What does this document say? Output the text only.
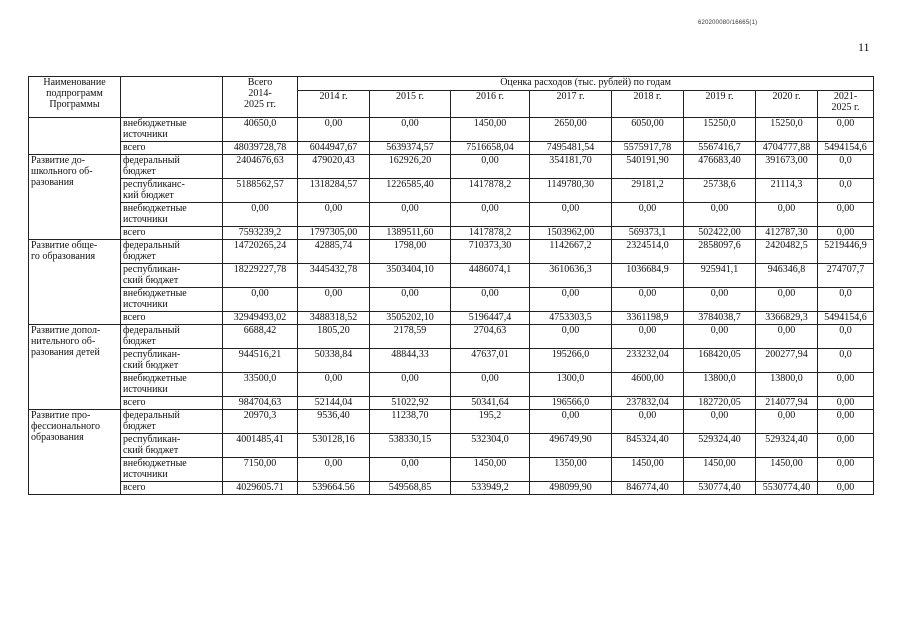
620200080/16665(1)
11
Наименование
подпрограмм
Программы		Всего
2014-
2025 гг.	Оценка расходов (тыс. рублей) по годам							
			2014 г.	2015 г.	2016 г.	2017 г.	2018 г.	2019 г.	2020 г.	2021-
2025 г.
	внебюджетные
источники	40650,0	0,00	0,00	1450,00	2650,00	6050,00	15250,0	15250,0	0,00
	всего	48039728,78	6044947,67	5639374,57	7516658,04	7495481,54	5575917,78	5567416,7	4704777,88	5494154,6
Развитие до-
школьного об-
разования	федеральный
бюджет	2404676,63	479020,43	162926,20	0,00	354181,70	540191,90	476683,40	391673,00	0,0
	республиканс-
кий бюджет	5188562,57	1318284,57	1226585,40	1417878,2	1149780,30	29181,2	25738,6	21114,3	0,0
	внебюджетные
источники	0,00	0,00	0,00	0,00	0,00	0,00	0,00	0,00	0,00
	всего	7593239,2	1797305,00	1389511,60	1417878,2	1503962,00	569373,1	502422,00	412787,30	0,00
Развитие обще-
го образования	федеральный
бюджет	14720265,24	42885,74	1798,00	710373,30	1142667,2	2324514,0	2858097,6	2420482,5	5219446,9
	республикан-
ский бюджет	18229227,78	3445432,78	3503404,10	4486074,1	3610636,3	1036684,9	925941,1	946346,8	274707,7
	внебюджетные
источники	0,00	0,00	0,00	0,00	0,00	0,00	0,00	0,00	0,0
	всего	32949493,02	3488318,52	3505202,10	5196447,4	4753303,5	3361198,9	3784038,7	3366829,3	5494154,6
Развитие допол-
нительного об-
разования детей	федеральный
бюджет	6688,42	1805,20	2178,59	2704,63	0,00	0,00	0,00	0,00	0,0
	республикан-
ский бюджет	944516,21	50338,84	48844,33	47637,01	195266,0	233232,04	168420,05	200277,94	0,0
	внебюджетные
источники	33500,0	0,00	0,00	0,00	1300,0	4600,00	13800,0	13800,0	0,00
	всего	984704,63	52144,04	51022,92	50341,64	196566,0	237832,04	182720,05	214077,94	0,00
Развитие про-
фессионального
образования	федеральный
бюджет	20970,3	9536,40	11238,70	195,2	0,00	0,00	0,00	0,00	0,00
	республикан-
ский бюджет	4001485,41	530128,16	538330,15	532304,0	496749,90	845324,40	529324,40	529324,40	0,00
	внебюджетные
источники	7150,00	0,00	0,00	1450,00	1350,00	1450,00	1450,00	1450,00	0,00
	всего	4029605.71	539664.56	549568,85	533949,2	498099,90	846774,40	530774,40	5530774,40	0,00
